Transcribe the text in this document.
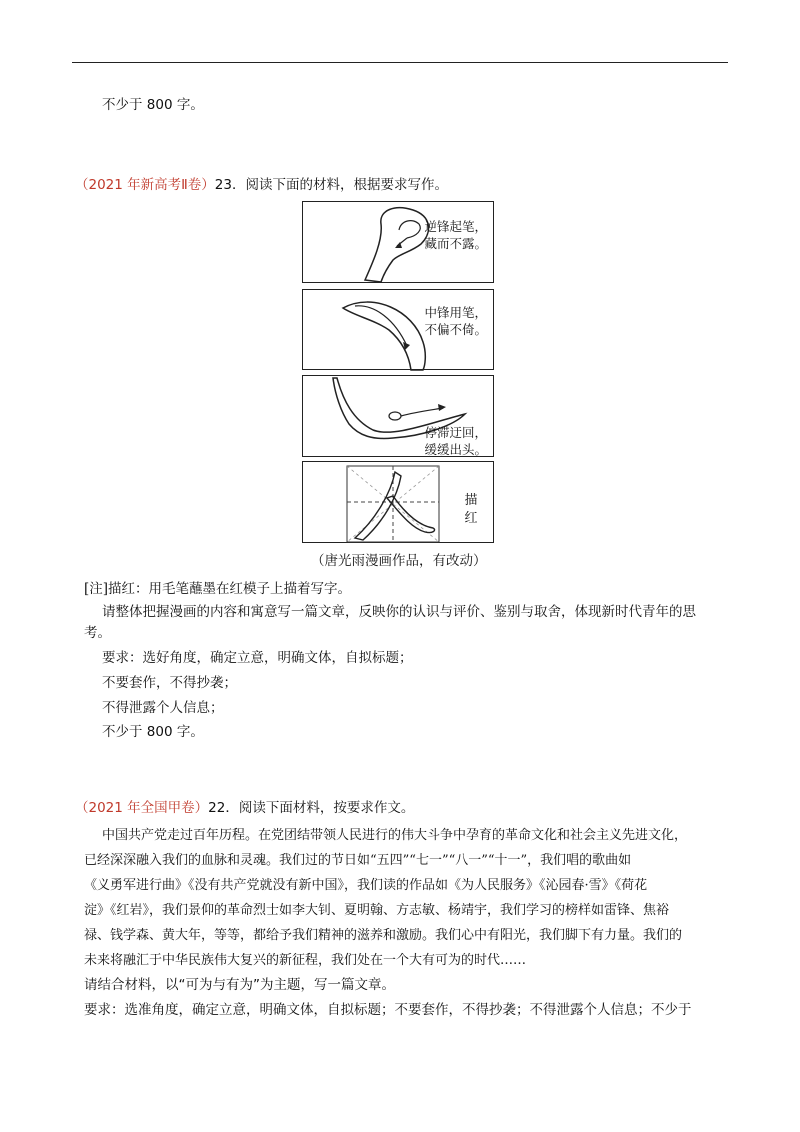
不少于 800 字。
（2021 年新高考Ⅱ卷）23．阅读下面的材料，根据要求写作。
逆锋起笔，
藏而不露。
中锋用笔，
不偏不倚。
停滞迂回，
缓缓出头。
描 红
（唐光雨漫画作品，有改动）
[注]描红：用毛笔蘸墨在红模子上描着写字。
请整体把握漫画的内容和寓意写一篇文章，反映你的认识与评价、鉴别与取舍，体现新时代青年的思
考。
要求：选好角度，确定立意，明确文体，自拟标题；
不要套作，不得抄袭；
不得泄露个人信息；
不少于 800 字。
（2021 年全国甲卷）22．阅读下面材料，按要求作文。
中国共产党走过百年历程。在党团结带领人民进行的伟大斗争中孕育的革命文化和社会主义先进文化，
已经深深融入我们的血脉和灵魂。我们过的节日如“五四”“七一”“八一”“十一”，我们唱的歌曲如
《义勇军进行曲》《没有共产党就没有新中国》，我们读的作品如《为人民服务》《沁园春·雪》《荷花
淀》《红岩》，我们景仰的革命烈士如李大钊、夏明翰、方志敏、杨靖宇，我们学习的榜样如雷锋、焦裕
禄、钱学森、黄大年，等等，都给予我们精神的滋养和激励。我们心中有阳光，我们脚下有力量。我们的
未来将融汇于中华民族伟大复兴的新征程，我们处在一个大有可为的时代……
请结合材料，以“可为与有为”为主题，写一篇文章。
要求：选准角度，确定立意，明确文体，自拟标题；不要套作，不得抄袭；不得泄露个人信息；不少于
